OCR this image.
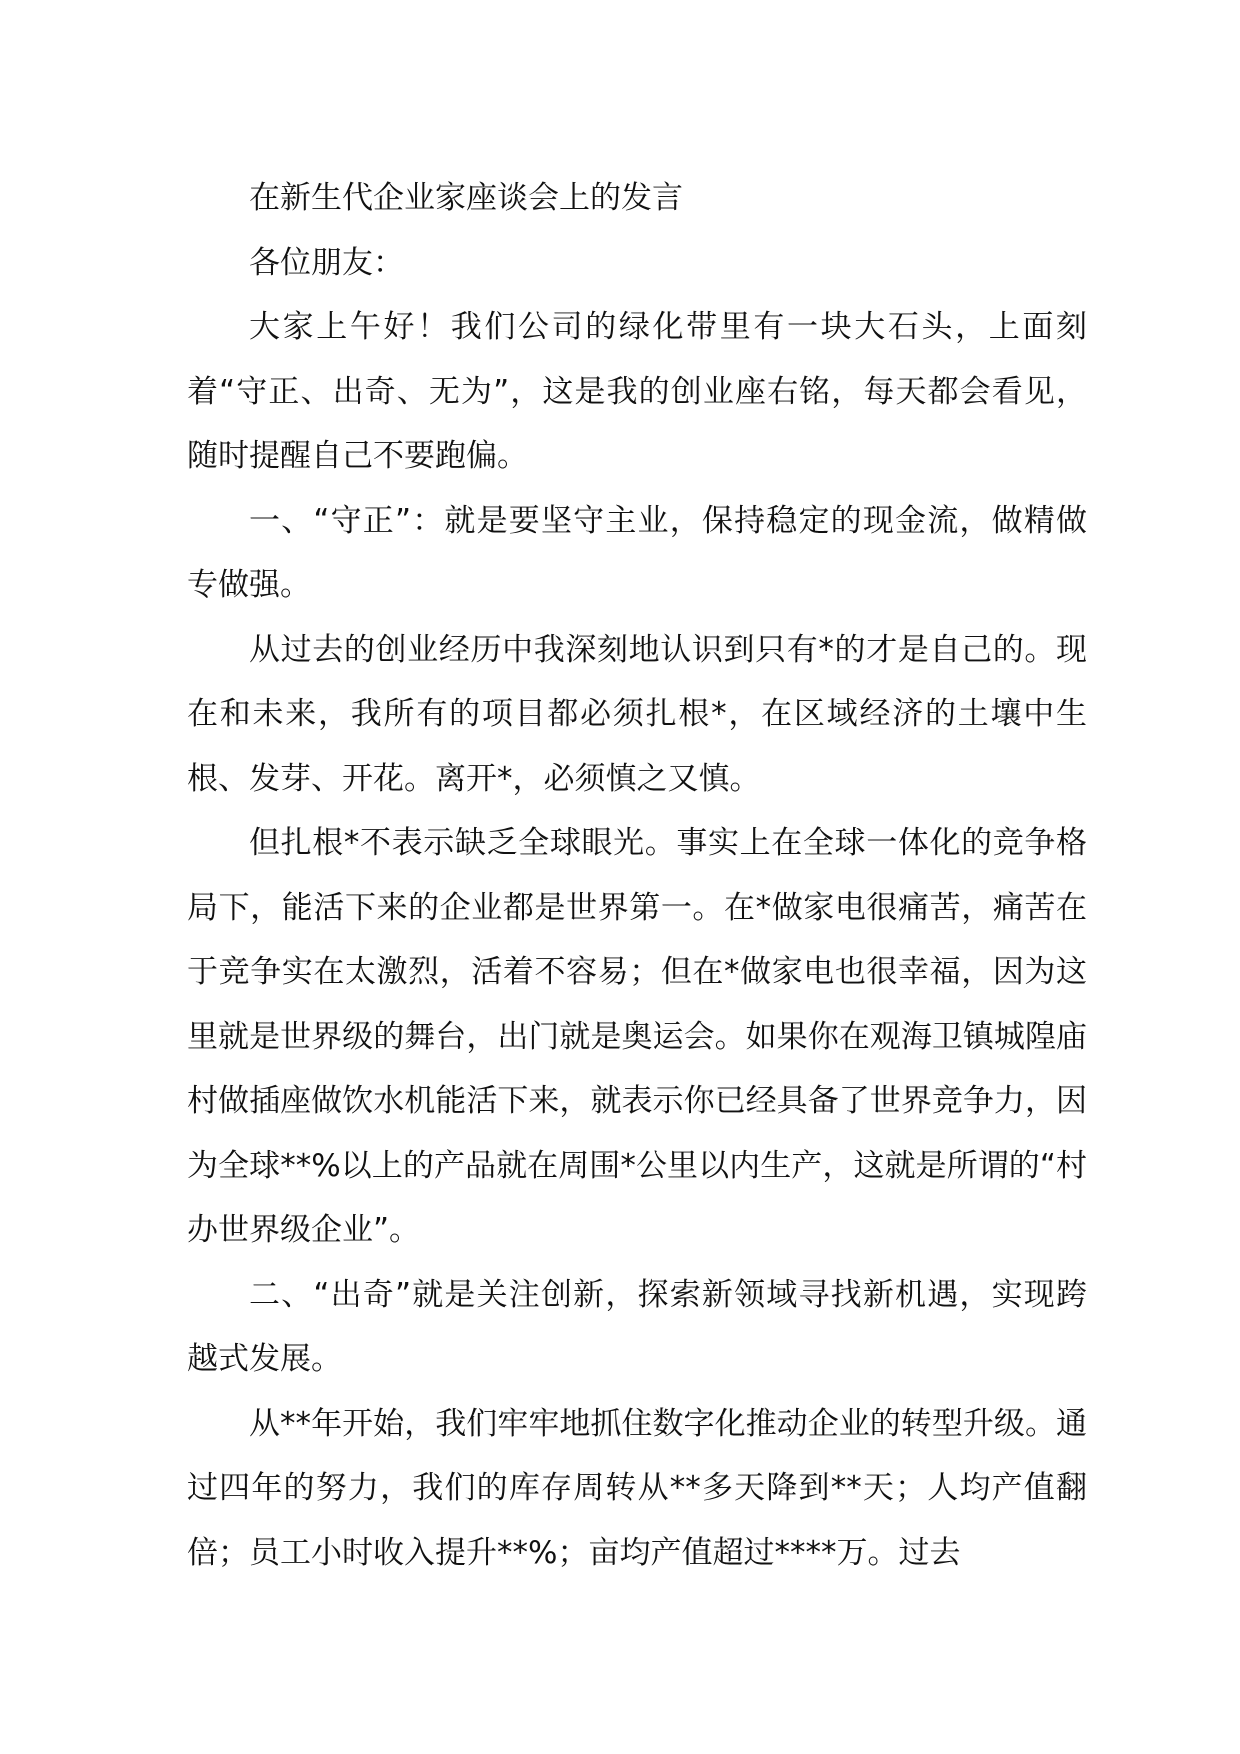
在新生代企业家座谈会上的发言

各位朋友：

大家上午好！我们公司的绿化带里有一块大石头，上面刻着“守正、出奇、无为”，这是我的创业座右铭，每天都会看见，随时提醒自己不要跑偏。

一、“守正”：就是要坚守主业，保持稳定的现金流，做精做专做强。

从过去的创业经历中我深刻地认识到只有*的才是自己的。现在和未来，我所有的项目都必须扎根*，在区域经济的土壤中生根、发芽、开花。离开*，必须慎之又慎。

但扎根*不表示缺乏全球眼光。事实上在全球一体化的竞争格局下，能活下来的企业都是世界第一。在*做家电很痛苦，痛苦在于竞争实在太激烈，活着不容易；但在*做家电也很幸福，因为这里就是世界级的舞台，出门就是奥运会。如果你在观海卫镇城隍庙村做插座做饮水机能活下来，就表示你已经具备了世界竞争力，因为全球**%以上的产品就在周围*公里以内生产，这就是所谓的“村办世界级企业”。

二、“出奇”就是关注创新，探索新领域寻找新机遇，实现跨越式发展。

从**年开始，我们牢牢地抓住数字化推动企业的转型升级。通过四年的努力，我们的库存周转从**多天降到**天；人均产值翻倍；员工小时收入提升**%；亩均产值超过****万。过去
